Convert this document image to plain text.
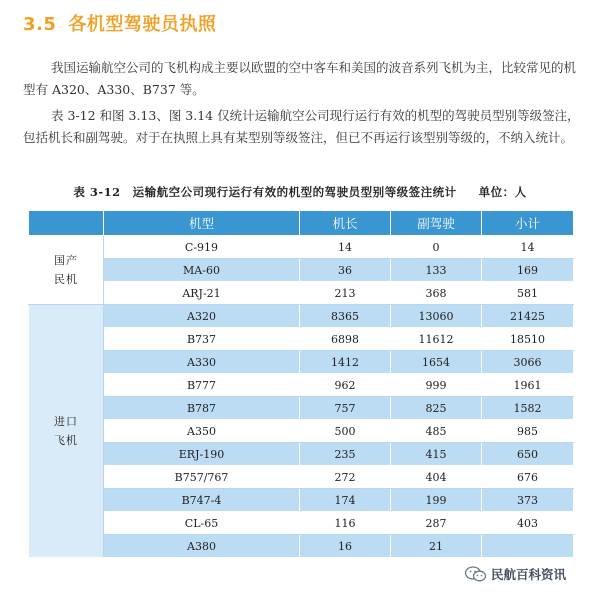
3.5 各机型驾驶员执照
我国运输航空公司的飞机构成主要以欧盟的空中客车和美国的波音系列飞机为主，比较常见的机型有 A320、A330、B737 等。
表 3-12 和图 3.13、图 3.14 仅统计运输航空公司现行运行有效的机型的驾驶员型别等级签注，包括机长和副驾驶。对于在执照上具有某型别等级签注，但已不再运行该型别等级的，不纳入统计。
表 3-12　运输航空公司现行运行有效的机型的驾驶员型别等级签注统计 单位：人
	机型	机长	副驾驶	小计
国产
民机	C-919	14	0	14
	MA-60	36	133	169
	ARJ-21	213	368	581
进口
飞机	A320	8365	13060	21425
	B737	6898	11612	18510
	A330	1412	1654	3066
	B777	962	999	1961
	B787	757	825	1582
	A350	500	485	985
	ERJ-190	235	415	650
	B757/767	272	404	676
	B747-4	174	199	373
	CL-65	116	287	403
	A380	16	21	
民航百科资讯
